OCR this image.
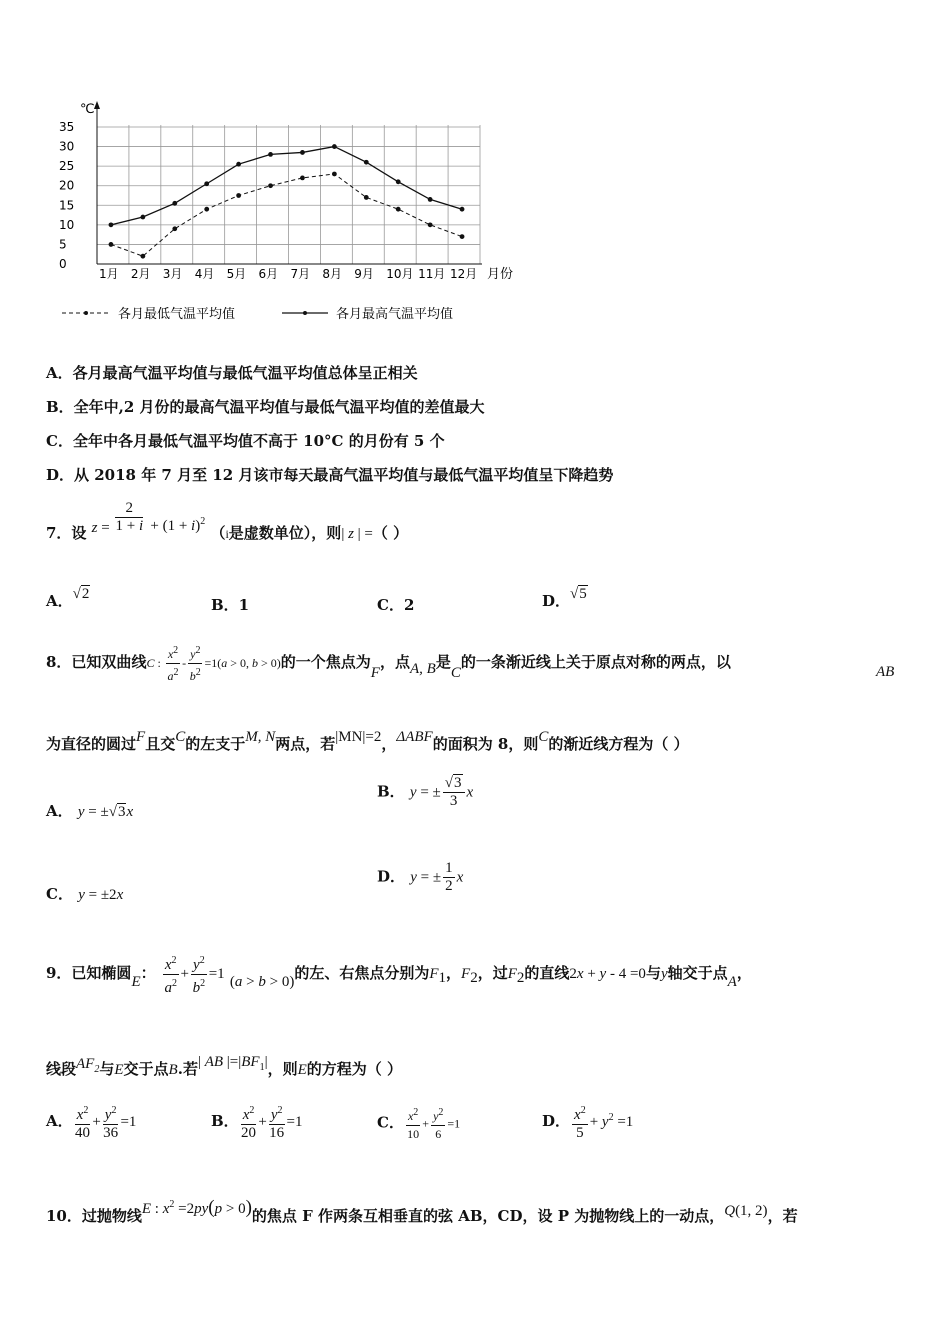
0
5
10
15
20
25
30
35
1月 2月 3月 4月 5月 6月 7月 8月 9月 10月 11月 12月
℃
月份
各月最低气温平均值	各月最高气温平均值
A．各月最高气温平均值与最低气温平均值总体呈正相关
B．全年中,2 月份的最高气温平均值与最低气温平均值的差值最大
C．全年中各月最低气温平均值不高于 10°C 的月份有 5 个
D．从 2018 年 7 月至 12 月该市每天最高气温平均值与最低气温平均值呈下降趋势
7．设 $z = \frac{2}{1 + i} + (1 + i)^2$ （i是虚数单位），则| z | =（ ）
A．√2
B．1	C．2	D．√5
8．已知双曲线C : $\frac{x^2}{a^2} - \frac{y^2}{b^2} =1(a > 0$, b > 0)的一个焦点为F，点A, B是C的一条渐近线上关于原点对称的两点，以
AB
为直径的圆过F且交C的左支于M, N两点，若|MN|=2，ΔABF的面积为 8，则C的渐近线方程为（ ）
A． y = ±√3x
B． y = ± $\frac{√3}{3}$ x
C． y = ±2x
D． y = ± $\frac{1}{2}$ x
9．已知椭圆E： $\frac{x^2}{a^2} + \frac{y^2}{b^2} =1$ (a > b > 0)的左、右焦点分别为$F_1$，$F_2$，过$F_2$的直线2x + y - 4 =0与y轴交于点A，
线段$AF_2$与E交于点B.若| AB $|=|BF_1|$，则E的方程为（ ）
A． $\frac{x^2}{40} + \frac{y^2}{36} =1$	B． $\frac{x^2}{20} + \frac{y^2}{16} =1$	C． $\frac{x^2}{10} + \frac{y^2}{6} =1$	D． $\frac{x^2}{5} + y^2 =1$
10．过抛物线E : $x^2 =2py(p > 0)$的焦点 F 作两条互相垂直的弦 AB，CD，设 P 为抛物线上的一动点，Q(1, 2)，若
